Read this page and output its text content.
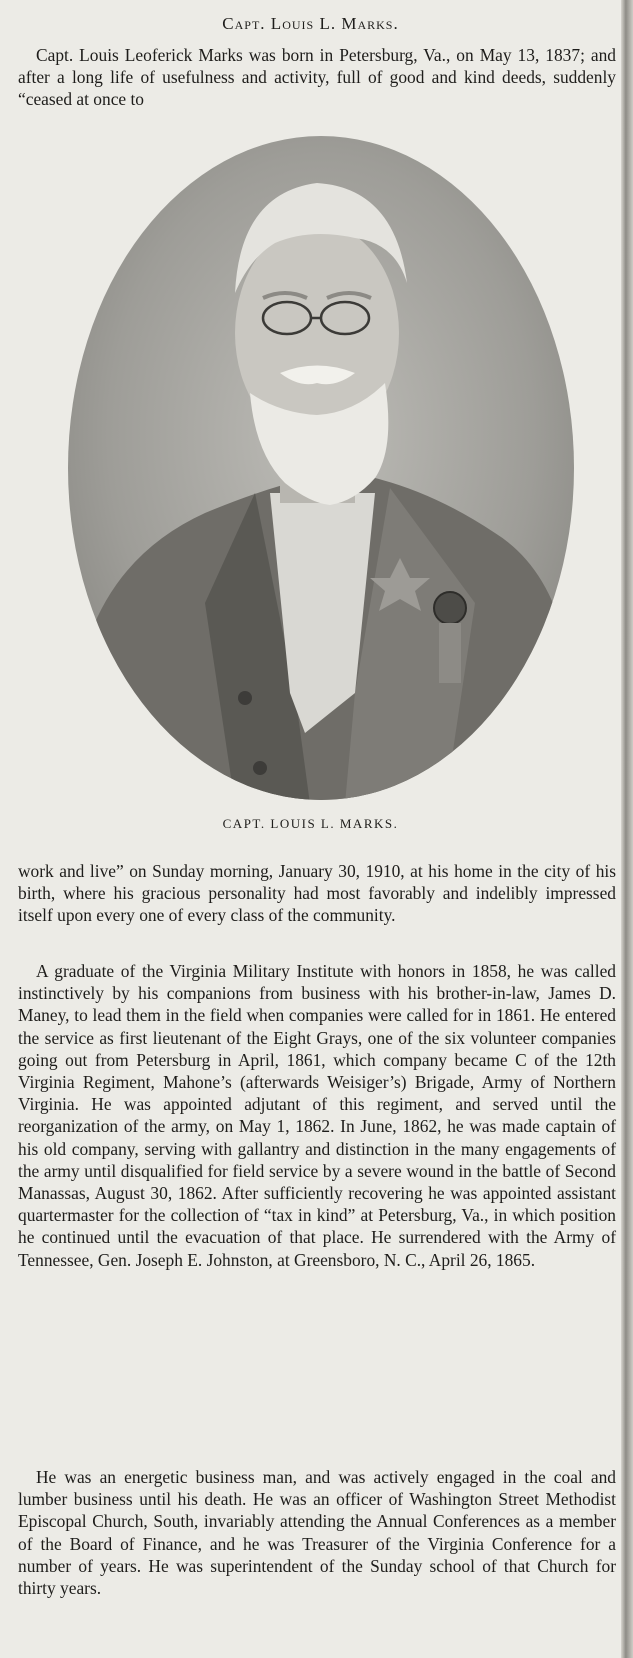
Capt. Louis L. Marks.

Capt. Louis Leoferick Marks was born in Petersburg, Va., on May 13, 1837; and after a long life of usefulness and activity, full of good and kind deeds, suddenly “ceased at once to

CAPT. LOUIS L. MARKS.

work and live” on Sunday morning, January 30, 1910, at his home in the city of his birth, where his gracious personality had most favorably and indelibly impressed itself upon every one of every class of the community.

A graduate of the Virginia Military Institute with honors in 1858, he was called instinctively by his companions from business with his brother-in-law, James D. Maney, to lead them in the field when companies were called for in 1861. He entered the service as first lieutenant of the Eight Grays, one of the six volunteer companies going out from Petersburg in April, 1861, which company became C of the 12th Virginia Regiment, Mahone’s (afterwards Weisiger’s) Brigade, Army of Northern Virginia. He was appointed adjutant of this regiment, and served until the reorganization of the army, on May 1, 1862. In June, 1862, he was made captain of his old company, serving with gallantry and distinction in the many engagements of the army until disqualified for field service by a severe wound in the battle of Second Manassas, August 30, 1862. After sufficiently recovering he was appointed assistant quartermaster for the collection of “tax in kind” at Petersburg, Va., in which position he continued until the evacuation of that place. He surrendered with the Army of Tennessee, Gen. Joseph E. Johnston, at Greensboro, N. C., April 26, 1865.

He was an energetic business man, and was actively engaged in the coal and lumber business until his death. He was an officer of Washington Street Methodist Episcopal Church, South, invariably attending the Annual Conferences as a member of the Board of Finance, and he was Treasurer of the Virginia Conference for a number of years. He was superintendent of the Sunday school of that Church for thirty years.
